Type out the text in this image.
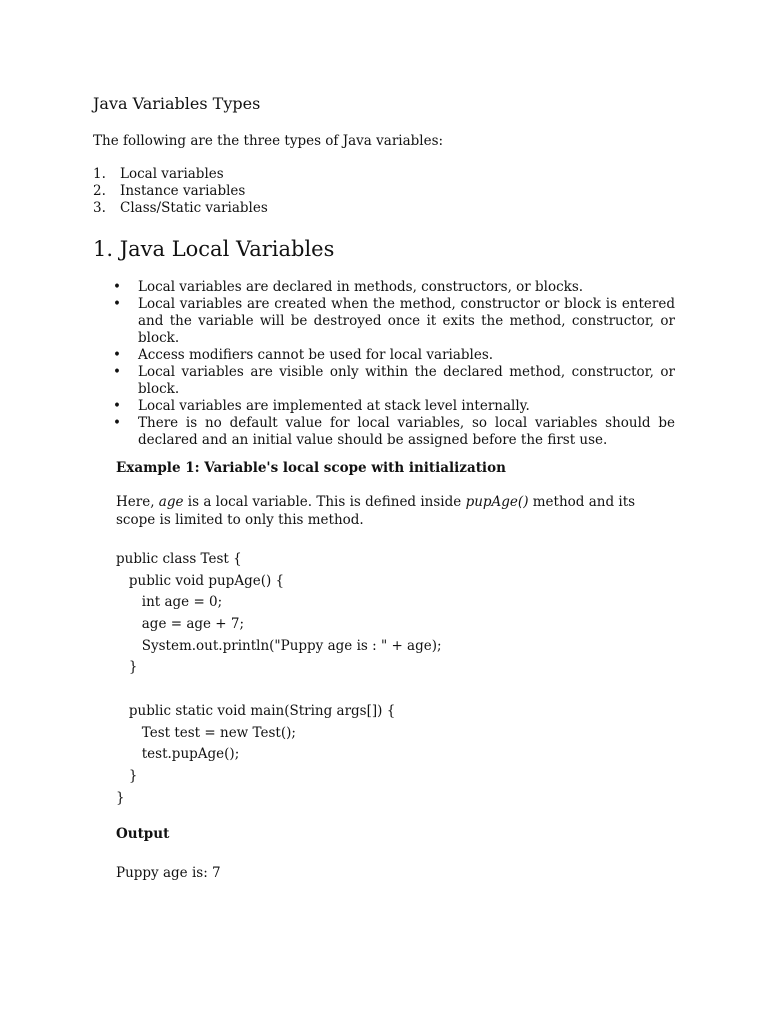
Java Variables Types

The following are the three types of Java variables:

1.	Local variables
2.	Instance variables
3.	Class/Static variables
1. Java Local Variables
• Local variables are declared in methods, constructors, or blocks.
• Local variables are created when the method, constructor or block is entered and the variable will be destroyed once it exits the method, constructor, or block.
• Access modifiers cannot be used for local variables.
• Local variables are visible only within the declared method, constructor, or block.
• Local variables are implemented at stack level internally.
• There is no default value for local variables, so local variables should be declared and an initial value should be assigned before the first use.

Example 1: Variable's local scope with initialization

Here, age is a local variable. This is defined inside pupAge() method and its scope is limited to only this method.

public class Test {
public void pupAge() {
int age = 0;
age = age + 7;
System.out.println("Puppy age is : " + age);
}
public static void main(String args[]) {
Test test = new Test();
test.pupAge();
}
}

Output

Puppy age is: 7
